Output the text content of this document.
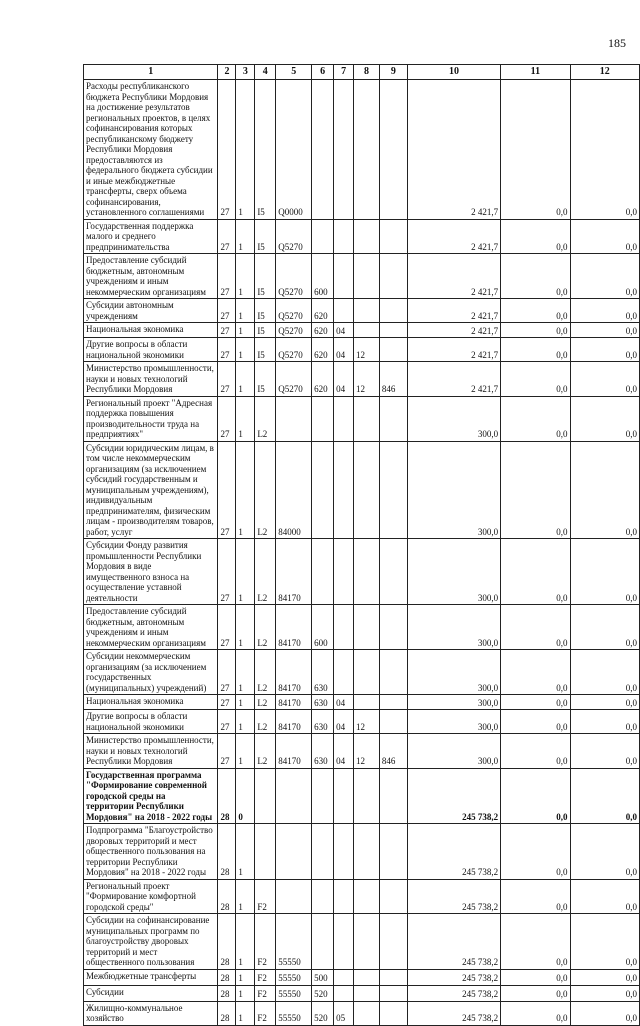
185
1	2	3	4	5	6	7	8	9	10	11	12
Расходы республиканского бюджета Республики Мордовия на достижение результатов региональных проектов, в целях софинансирования которых республиканскому бюджету Республики Мордовия предоставляются из федерального бюджета субсидии и иные межбюджетные трансферты, сверх объема софинансирования, установленного соглашениями	27	1	I5	Q0000					2 421,7	0,0	0,0
Государственная поддержка малого и среднего предпринимательства	27	1	I5	Q5270					2 421,7	0,0	0,0
Предоставление субсидий бюджетным, автономным учреждениям и иным некоммерческим организациям	27	1	I5	Q5270	600				2 421,7	0,0	0,0
Субсидии автономным учреждениям	27	1	I5	Q5270	620				2 421,7	0,0	0,0
Национальная экономика	27	1	I5	Q5270	620	04			2 421,7	0,0	0,0
Другие вопросы в области национальной экономики	27	1	I5	Q5270	620	04	12		2 421,7	0,0	0,0
Министерство промышленности, науки и новых технологий Республики Мордовия	27	1	I5	Q5270	620	04	12	846	2 421,7	0,0	0,0
Региональный проект "Адресная поддержка повышения производительности труда на предприятиях"	27	1	L2						300,0	0,0	0,0
Субсидии юридическим лицам, в том числе некоммерческим организациям (за исключением субсидий государственным и муниципальным учреждениям), индивидуальным предпринимателям, физическим лицам - производителям товаров, работ, услуг	27	1	L2	84000					300,0	0,0	0,0
Субсидии Фонду развития промышленности Республики Мордовия в виде имущественного взноса на осуществление уставной деятельности	27	1	L2	84170					300,0	0,0	0,0
Предоставление субсидий бюджетным, автономным учреждениям и иным некоммерческим организациям	27	1	L2	84170	600				300,0	0,0	0,0
Субсидии некоммерческим организациям (за исключением государственных (муниципальных) учреждений)	27	1	L2	84170	630				300,0	0,0	0,0
Национальная экономика	27	1	L2	84170	630	04			300,0	0,0	0,0
Другие вопросы в области национальной экономики	27	1	L2	84170	630	04	12		300,0	0,0	0,0
Министерство промышленности, науки и новых технологий Республики Мордовия	27	1	L2	84170	630	04	12	846	300,0	0,0	0,0
Государственная программа "Формирование современной городской среды на территории Республики Мордовия" на 2018 - 2022 годы	28	0							245 738,2	0,0	0,0
Подпрограмма "Благоустройство дворовых территорий и мест общественного пользования на территории Республики Мордовия" на 2018 - 2022 годы	28	1							245 738,2	0,0	0,0
Региональный проект "Формирование комфортной городской среды"	28	1	F2						245 738,2	0,0	0,0
Субсидии на софинансирование муниципальных программ по благоустройству дворовых территорий и мест общественного пользования	28	1	F2	55550					245 738,2	0,0	0,0
Межбюджетные трансферты	28	1	F2	55550	500				245 738,2	0,0	0,0
Субсидии	28	1	F2	55550	520				245 738,2	0,0	0,0
Жилищно-коммунальное хозяйство	28	1	F2	55550	520	05			245 738,2	0,0	0,0
